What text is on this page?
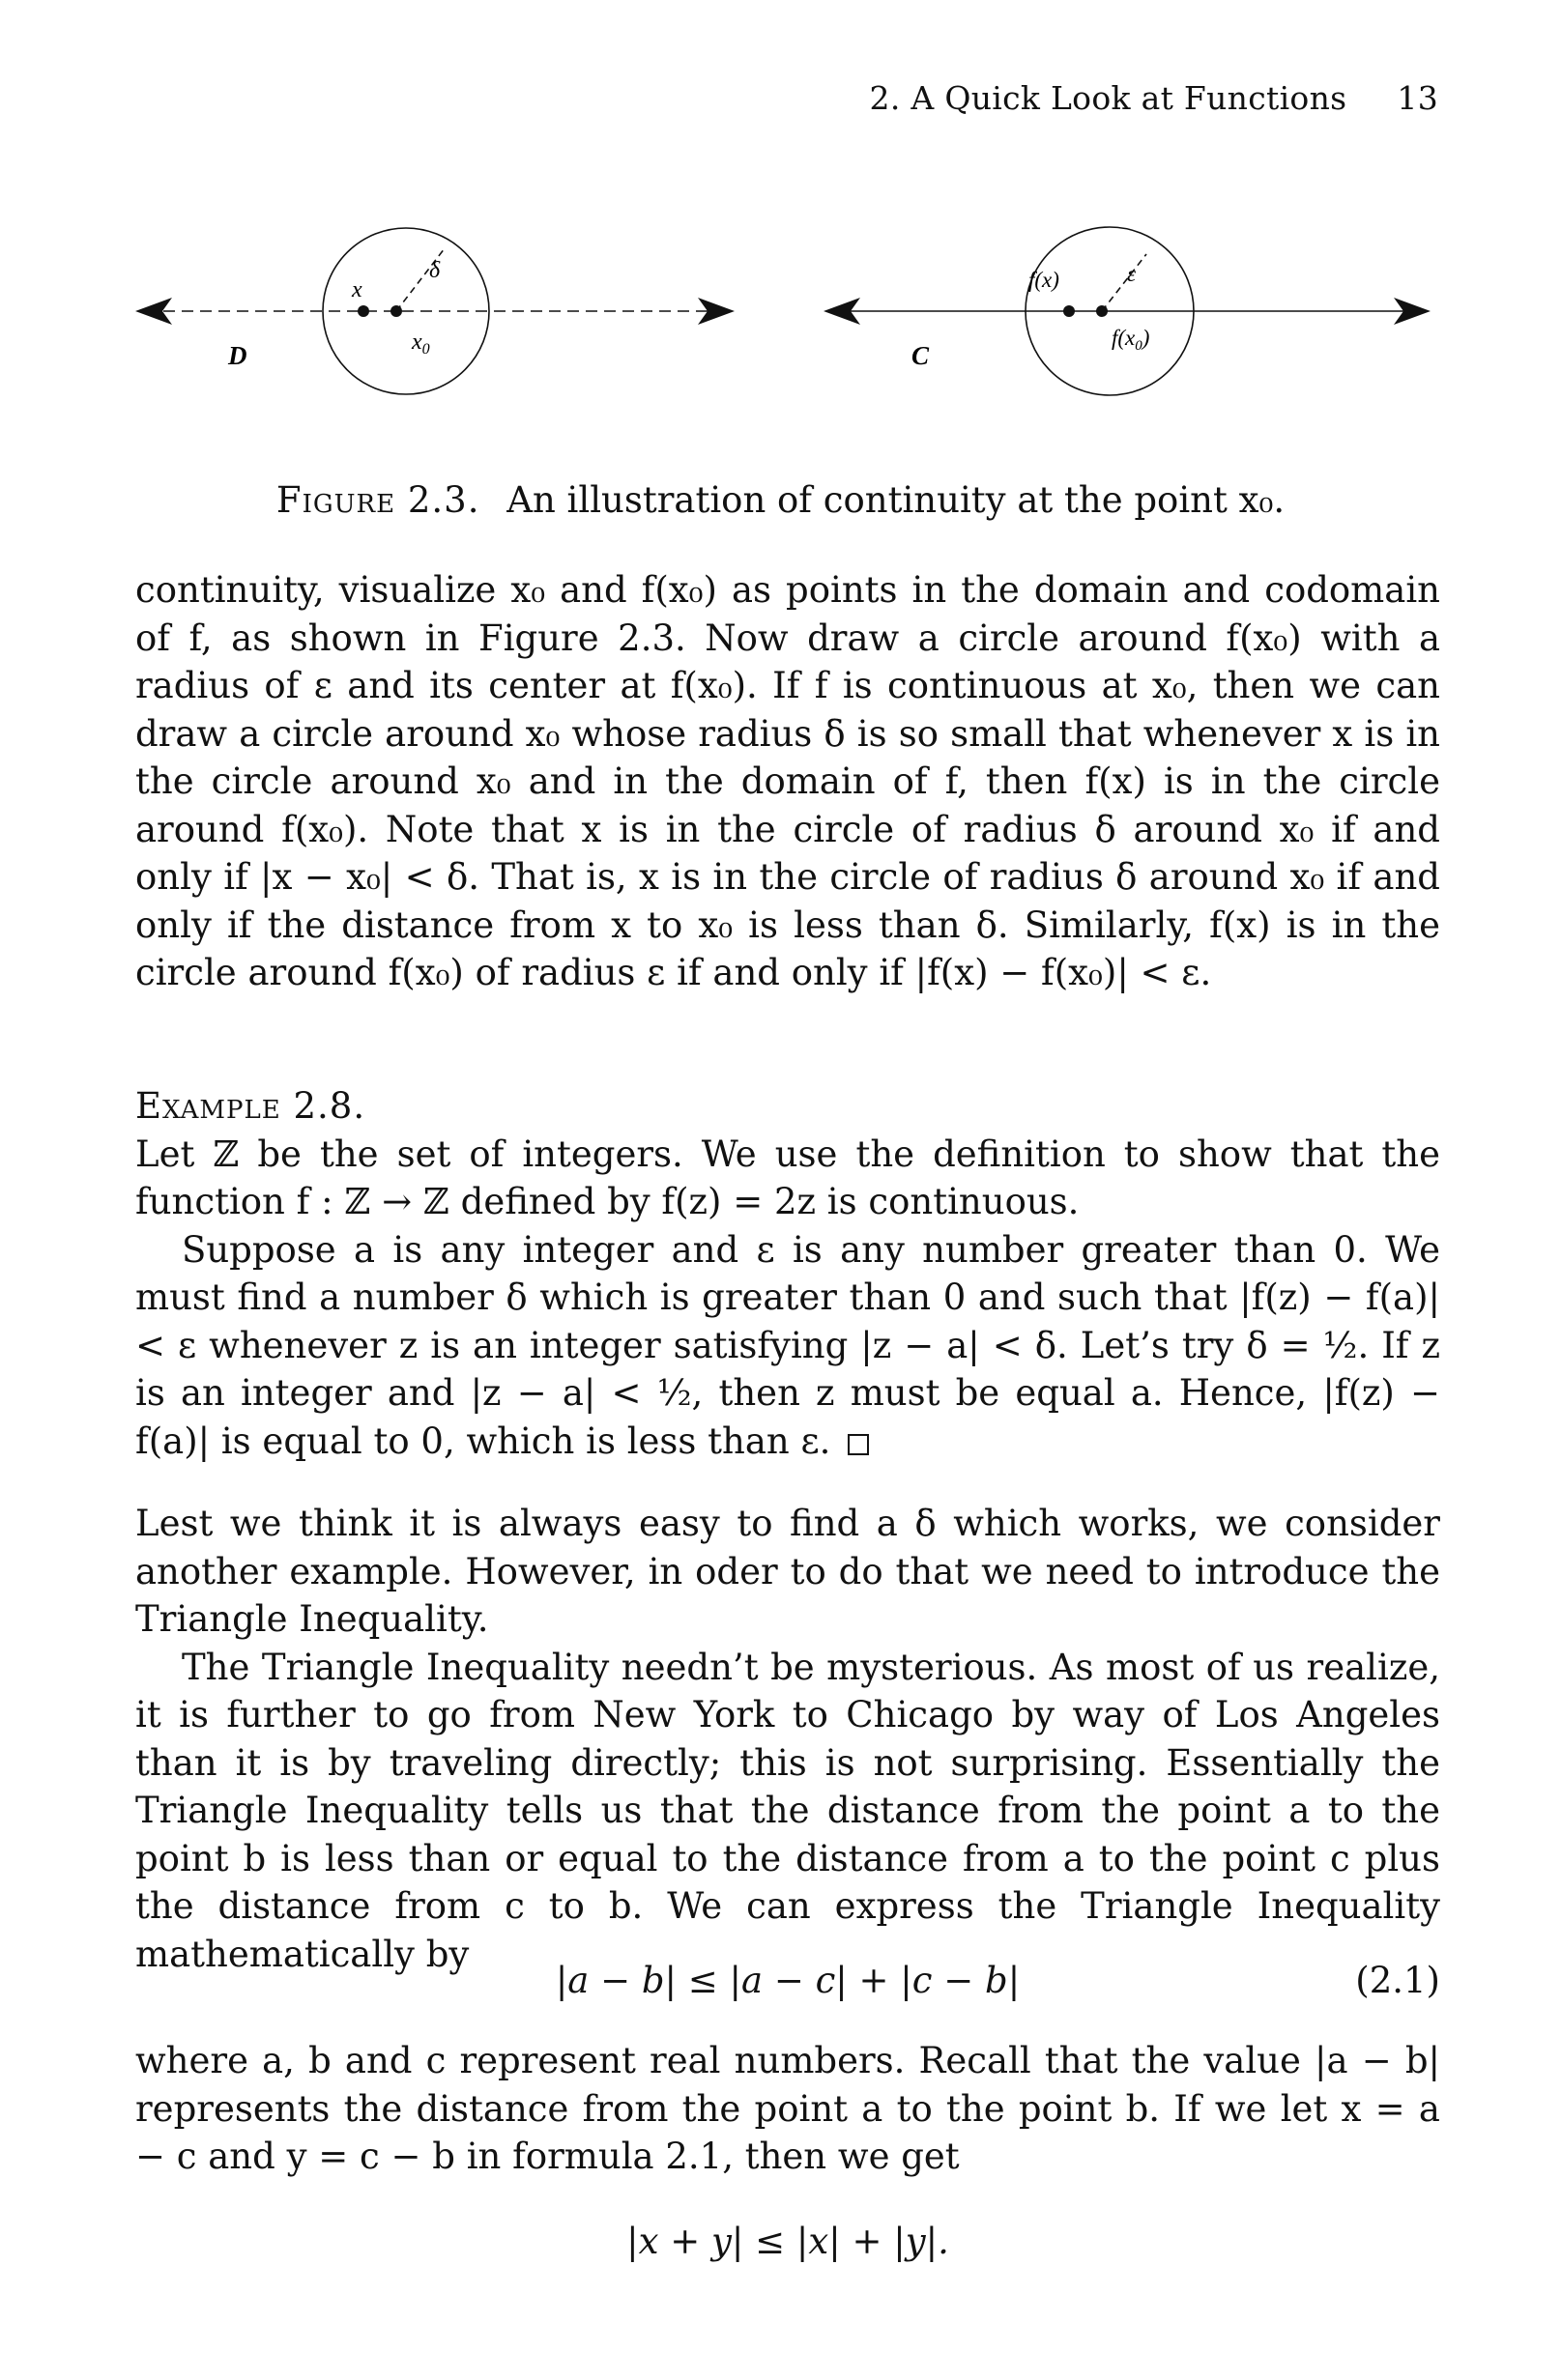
2. A Quick Look at Functions 13
x
δ
$x_0$
D
f(x)	ε
$f(x_0)$
C
Figure 2.3. An illustration of continuity at the point x₀.

continuity, visualize x₀ and f(x₀) as points in the domain and codomain of f, as shown in Figure 2.3. Now draw a circle around f(x₀) with a radius of ε and its center at f(x₀). If f is continuous at x₀, then we can draw a circle around x₀ whose radius δ is so small that whenever x is in the circle around x₀ and in the domain of f, then f(x) is in the circle around f(x₀). Note that x is in the circle of radius δ around x₀ if and only if |x − x₀| < δ. That is, x is in the circle of radius δ around x₀ if and only if the distance from x to x₀ is less than δ. Similarly, f(x) is in the circle around f(x₀) of radius ε if and only if |f(x) − f(x₀)| < ε.

Example 2.8.

Let ℤ be the set of integers. We use the definition to show that the function f : ℤ → ℤ defined by f(z) = 2z is continuous.

Suppose a is any integer and ε is any number greater than 0. We must find a number δ which is greater than 0 and such that |f(z) − f(a)| < ε whenever z is an integer satisfying |z − a| < δ. Let’s try δ = ½. If z is an integer and |z − a| < ½, then z must be equal a. Hence, |f(z) − f(a)| is equal to 0, which is less than ε.

Lest we think it is always easy to find a δ which works, we consider another example. However, in oder to do that we need to introduce the Triangle Inequality.

The Triangle Inequality needn’t be mysterious. As most of us realize, it is further to go from New York to Chicago by way of Los Angeles than it is by traveling directly; this is not surprising. Essentially the Triangle Inequality tells us that the distance from the point a to the point b is less than or equal to the distance from a to the point c plus the distance from c to b. We can express the Triangle Inequality mathematically by

|a − b| ≤ |a − c| + |c − b|	(2.1)

where a, b and c represent real numbers. Recall that the value |a − b| represents the distance from the point a to the point b. If we let x = a − c and y = c − b in formula 2.1, then we get

|x + y| ≤ |x| + |y|.
